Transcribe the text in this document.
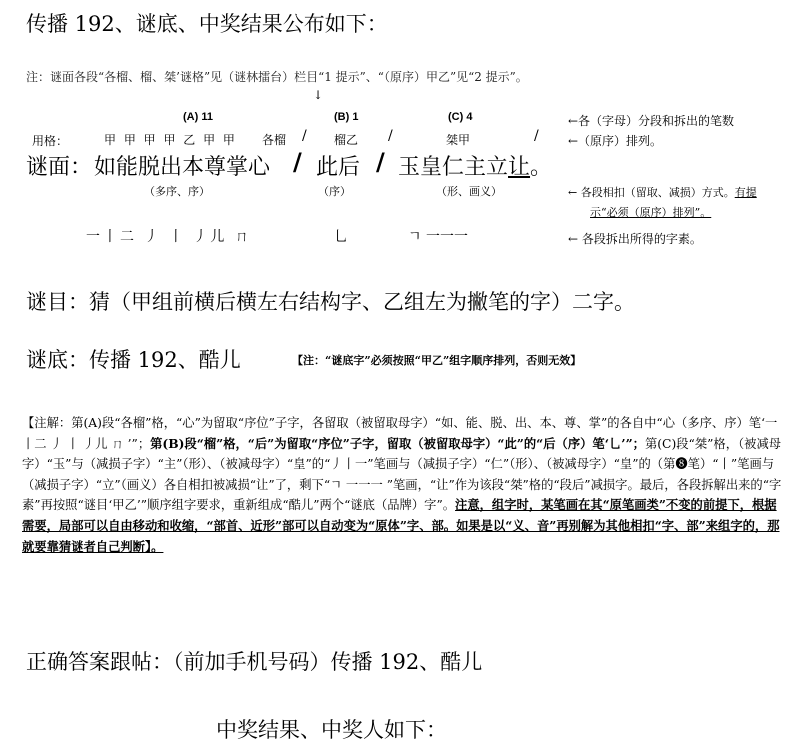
传播 192、谜底、中奖结果公布如下：
注：谜面各段“各榴、榴、桀’谜格”见（谜林擂台）栏目“1 提示”、“（原序）甲乙”见“2 提示”。
↓
(A) 11	(B) 1	(C) 4
用格：	甲 甲 甲 甲 乙 甲 甲 各榴 / 榴乙 /	桀甲	/
←各（字母）分段和拆出的笔数
←（原序）排列。
← 各段相扣（留取、减损）方式。有提
示“必须（原序）排列”。
← 各段拆出所得的字素。
谜面： 如能脱出本尊掌心 / 此后 / 玉皇仁主立让。
（多序、序）	（序）	（形、画义）
一丨二 丿 丨 丿儿 ㄇ	乚	ㄱ 一一一
谜目：猜（甲组前横后横左右结构字、乙组左为撇笔的字）二字。
谜底：传播 192、酷儿	【注：“谜底字”必须按照“甲乙”组字顺序排列，否则无效】
【注解：第(A)段“各榴”格，“心”为留取“序位”子字，各留取（被留取母字）“如、能、脱、出、本、尊、掌”的各自中“心（多序、序）笔‘一丨二 丿 丨 丿儿 ㄇ ’”；第(B)段“榴”格，“后”为留取“序位”子字，留取（被留取母字）“此”的“后（序）笔‘乚’”；第(C)段“桀”格，（被减母字）“玉”与（减损子字）“主”（形）、（被减母字）“皇”的“丿丨一”笔画与（减损子字）“仁”（形）、（被减母字）“皇”的（第❽笔）“丨”笔画与（减损子字）“立”（画义）各自相扣被减损“让”了，剩下“ㄱ 一一一 ”笔画，“让”作为该段“桀”格的“段后”减损字。最后，各段拆解出来的“字素”再按照“谜目‘甲乙’”顺序组字要求，重新组成“酷儿”两个“谜底（品牌）字”。注意，组字时，某笔画在其“原笔画类”不变的前提下，根据需要，局部可以自由移动和收缩，“部首、近形”部可以自动变为“原体”字、部。如果是以“义、音”再别解为其他相扣“字、部”来组字的，那就要靠猜谜者自己判断】。
正确答案跟帖：（前加手机号码）传播 192、酷儿
中奖结果、中奖人如下：
